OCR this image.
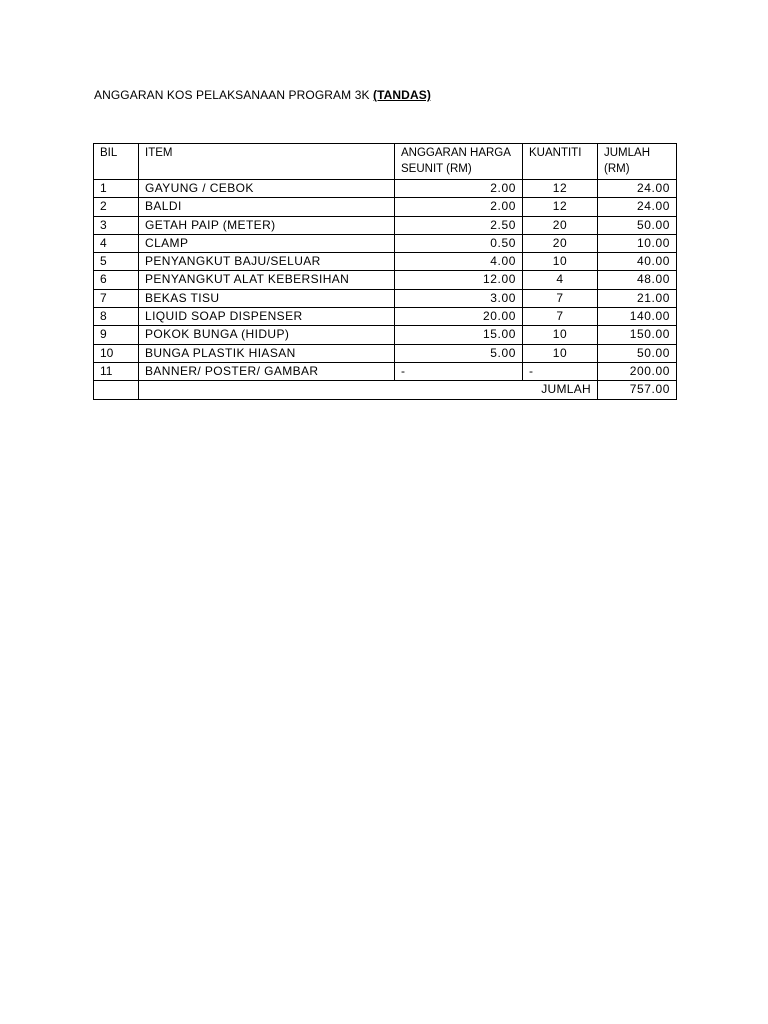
ANGGARAN KOS PELAKSANAAN PROGRAM 3K (TANDAS)
BIL	ITEM	ANGGARAN HARGA SEUNIT (RM)	KUANTITI	JUMLAH (RM)
1	GAYUNG / CEBOK	2.00	12	24.00
2	BALDI	2.00	12	24.00
3	GETAH PAIP (METER)	2.50	20	50.00
4	CLAMP	0.50	20	10.00
5	PENYANGKUT BAJU/SELUAR	4.00	10	40.00
6	PENYANGKUT ALAT KEBERSIHAN	12.00	4	48.00
7	BEKAS TISU	3.00	7	21.00
8	LIQUID SOAP DISPENSER	20.00	7	140.00
9	POKOK BUNGA (HIDUP)	15.00	10	150.00
10	BUNGA PLASTIK HIASAN	5.00	10	50.00
11	BANNER/ POSTER/ GAMBAR	-	-	200.00
	JUMLAH			757.00
